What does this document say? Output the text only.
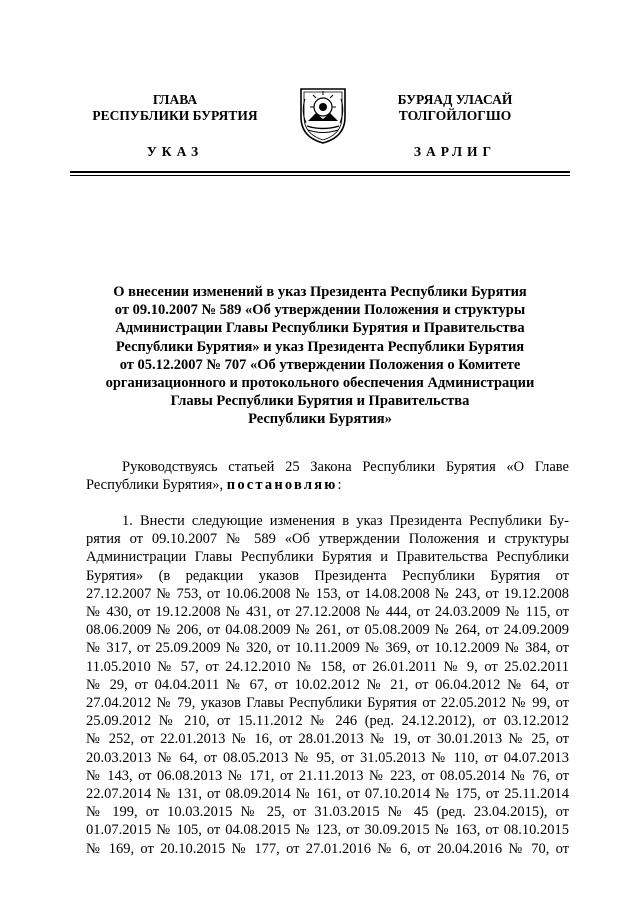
ГЛАВА
РЕСПУБЛИКИ БУРЯТИЯ
УКАЗ
БУРЯАД УЛАСАЙ
ТОЛГОЙЛОГШО
ЗАРЛИГ
О внесении изменений в указ Президента Республики Бурятия
от 09.10.2007 № 589 «Об утверждении Положения и структуры
Администрации Главы Республики Бурятия и Правительства
Республики Бурятия» и указ Президента Республики Бурятия
от 05.12.2007 № 707 «Об утверждении Положения о Комитете
организационного и протокольного обеспечения Администрации
Главы Республики Бурятия и Правительства
Республики Бурятия»
Руководствуясь статьей 25 Закона Республики Бурятия «О Главе
Республики Бурятия», постановляю:
1. Внести следующие изменения в указ Президента Республики Бу-
рятия от 09.10.2007 № 589 «Об утверждении Положения и структуры
Администрации Главы Республики Бурятия и Правительства Республики
Бурятия» (в редакции указов Президента Республики Бурятия от
27.12.2007 № 753, от 10.06.2008 № 153, от 14.08.2008 № 243, от 19.12.2008
№ 430, от 19.12.2008 № 431, от 27.12.2008 № 444, от 24.03.2009 № 115, от
08.06.2009 № 206, от 04.08.2009 № 261, от 05.08.2009 № 264, от 24.09.2009
№ 317, от 25.09.2009 № 320, от 10.11.2009 № 369, от 10.12.2009 № 384, от
11.05.2010 № 57, от 24.12.2010 № 158, от 26.01.2011 № 9, от 25.02.2011
№ 29, от 04.04.2011 № 67, от 10.02.2012 № 21, от 06.04.2012 № 64, от
27.04.2012 № 79, указов Главы Республики Бурятия от 22.05.2012 № 99, от
25.09.2012 № 210, от 15.11.2012 № 246 (ред. 24.12.2012), от 03.12.2012
№ 252, от 22.01.2013 № 16, от 28.01.2013 № 19, от 30.01.2013 № 25, от
20.03.2013 № 64, от 08.05.2013 № 95, от 31.05.2013 № 110, от 04.07.2013
№ 143, от 06.08.2013 № 171, от 21.11.2013 № 223, от 08.05.2014 № 76, от
22.07.2014 № 131, от 08.09.2014 № 161, от 07.10.2014 № 175, от 25.11.2014
№ 199, от 10.03.2015 № 25, от 31.03.2015 № 45 (ред. 23.04.2015), от
01.07.2015 № 105, от 04.08.2015 № 123, от 30.09.2015 № 163, от 08.10.2015
№ 169, от 20.10.2015 № 177, от 27.01.2016 № 6, от 20.04.2016 № 70, от
